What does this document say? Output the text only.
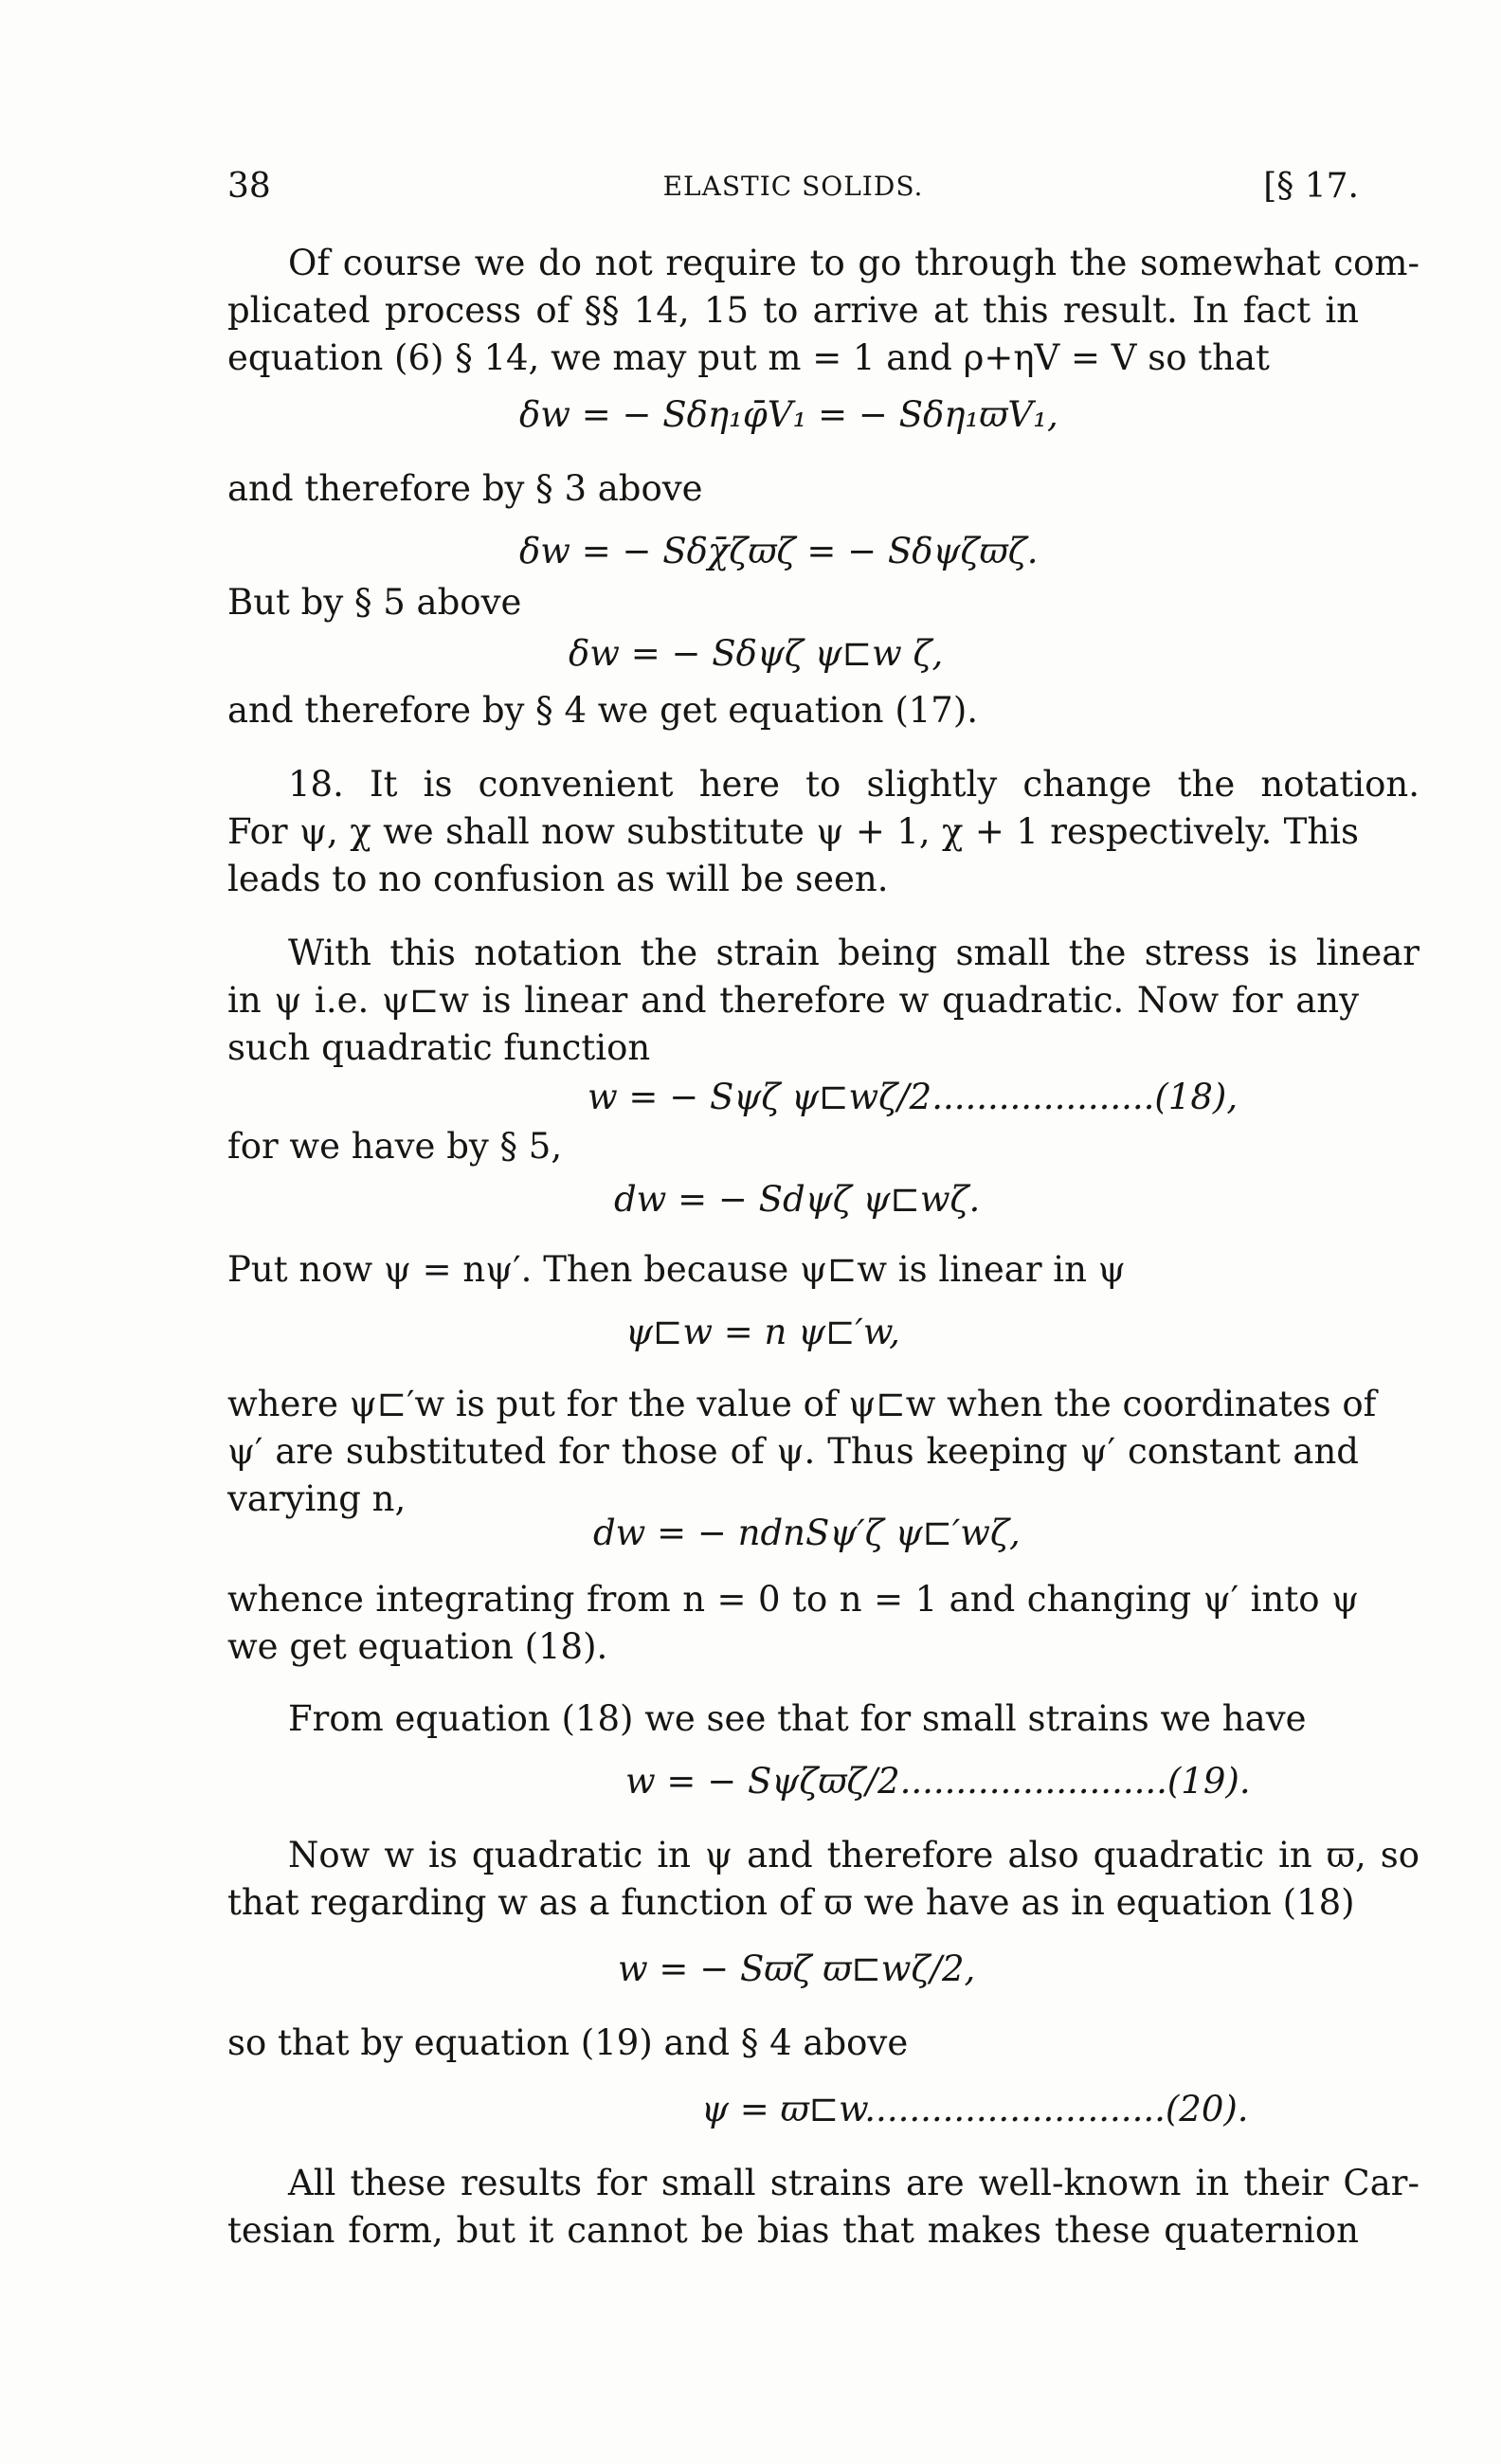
38	ELASTIC SOLIDS.	[§ 17.
Of course we do not require to go through the somewhat com-
plicated process of §§ 14, 15 to arrive at this result. In fact in
equation (6) § 14, we may put m = 1 and ρ+ηV = V so that
δw = − Sδη₁φ̄V₁ = − Sδη₁ϖV₁,
and therefore by § 3 above
δw = − Sδχ̄ζϖζ = − Sδψζϖζ.
But by § 5 above
δw = − Sδψζ ψ⊏w ζ,
and therefore by § 4 we get equation (17).
18. It is convenient here to slightly change the notation.
For ψ, χ we shall now substitute ψ + 1, χ + 1 respectively. This
leads to no confusion as will be seen.
With this notation the strain being small the stress is linear
in ψ i.e. ψ⊏w is linear and therefore w quadratic. Now for any
such quadratic function
w = − Sψζ ψ⊏wζ/2....................(18),
for we have by § 5,
dw = − Sdψζ ψ⊏wζ.
Put now ψ = nψ′. Then because ψ⊏w is linear in ψ
ψ⊏w = n ψ⊏′w,
where ψ⊏′w is put for the value of ψ⊏w when the coordinates of
ψ′ are substituted for those of ψ. Thus keeping ψ′ constant and
varying n,
dw = − ndnSψ′ζ ψ⊏′wζ,
whence integrating from n = 0 to n = 1 and changing ψ′ into ψ
we get equation (18).
From equation (18) we see that for small strains we have
w = − Sψζϖζ/2........................(19).
Now w is quadratic in ψ and therefore also quadratic in ϖ, so
that regarding w as a function of ϖ we have as in equation (18)
w = − Sϖζ ϖ⊏wζ/2,
so that by equation (19) and § 4 above
ψ = ϖ⊏w...........................(20).
All these results for small strains are well-known in their Car-
tesian form, but it cannot be bias that makes these quaternion
